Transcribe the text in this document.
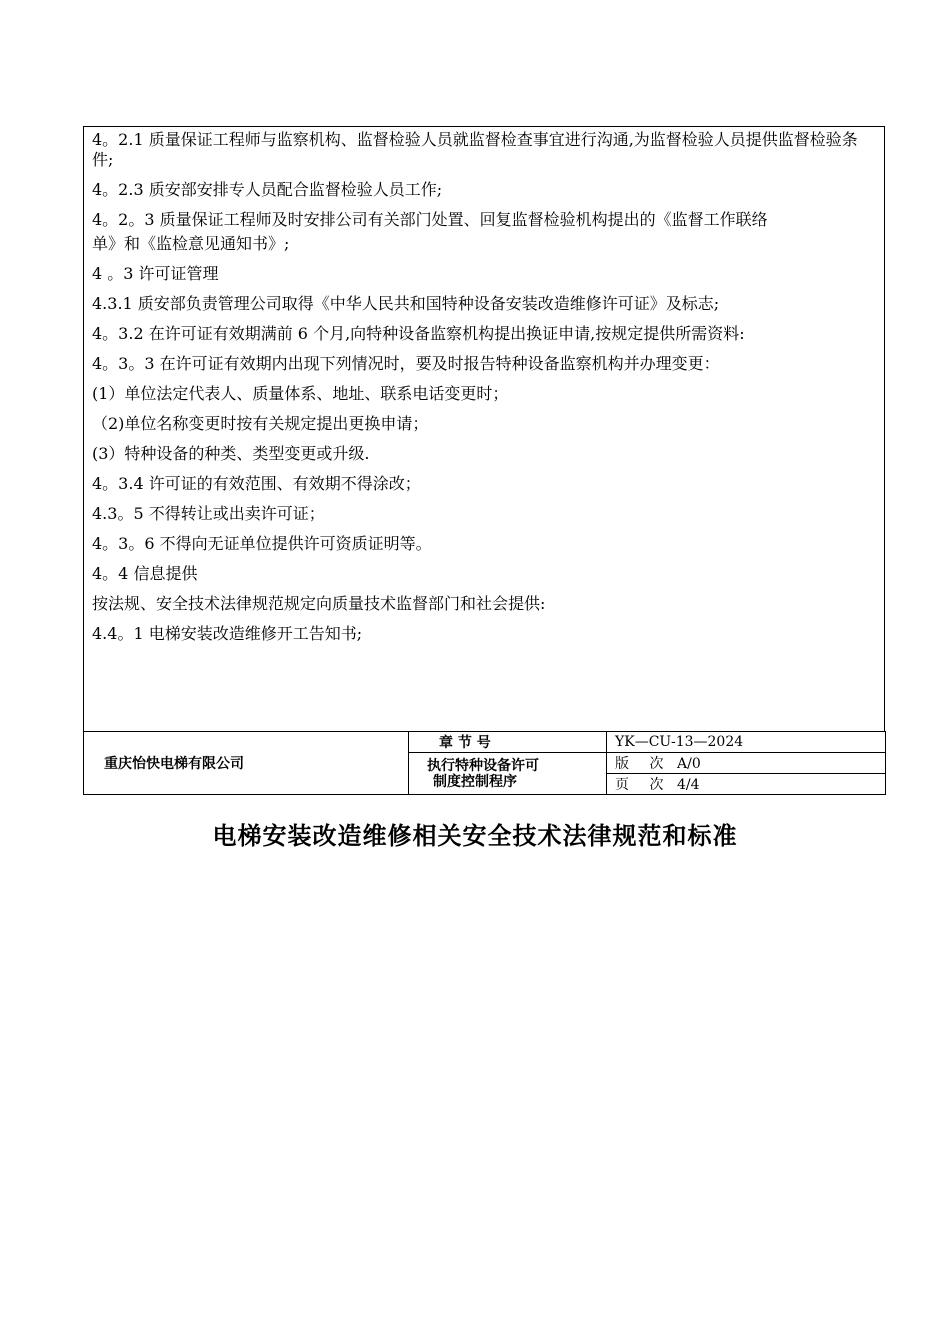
4。2.1 质量保证工程师与监察机构、监督检验人员就监督检查事宜进行沟通,为监督检验人员提供监督检验条件;
4。2.3 质安部安排专人员配合监督检验人员工作;
4。2。3 质量保证工程师及时安排公司有关部门处置、回复监督检验机构提出的《监督工作联络
单》和《监检意见通知书》;
4 。3 许可证管理
4.3.1 质安部负责管理公司取得《中华人民共和国特种设备安装改造维修许可证》及标志;
4。3.2 在许可证有效期满前 6 个月,向特种设备监察机构提出换证申请,按规定提供所需资料:
4。3。3 在许可证有效期内出现下列情况时，要及时报告特种设备监察机构并办理变更：
(1）单位法定代表人、质量体系、地址、联系电话变更时；
（2)单位名称变更时按有关规定提出更换申请；
(3）特种设备的种类、类型变更或升级.
4。3.4 许可证的有效范围、有效期不得涂改；
4.3。5 不得转让或出卖许可证；
4。3。6 不得向无证单位提供许可资质证明等。
4。4 信息提供
按法规、安全技术法律规范规定向质量技术监督部门和社会提供:
4.4。1 电梯安装改造维修开工告知书;
重庆怡快电梯有限公司	章 节 号	YK—CU-13—2024

	执行特种设备许可
制度控制程序	版 次 A/0
		页 次 4/4
电梯安装改造维修相关安全技术法律规范和标准
